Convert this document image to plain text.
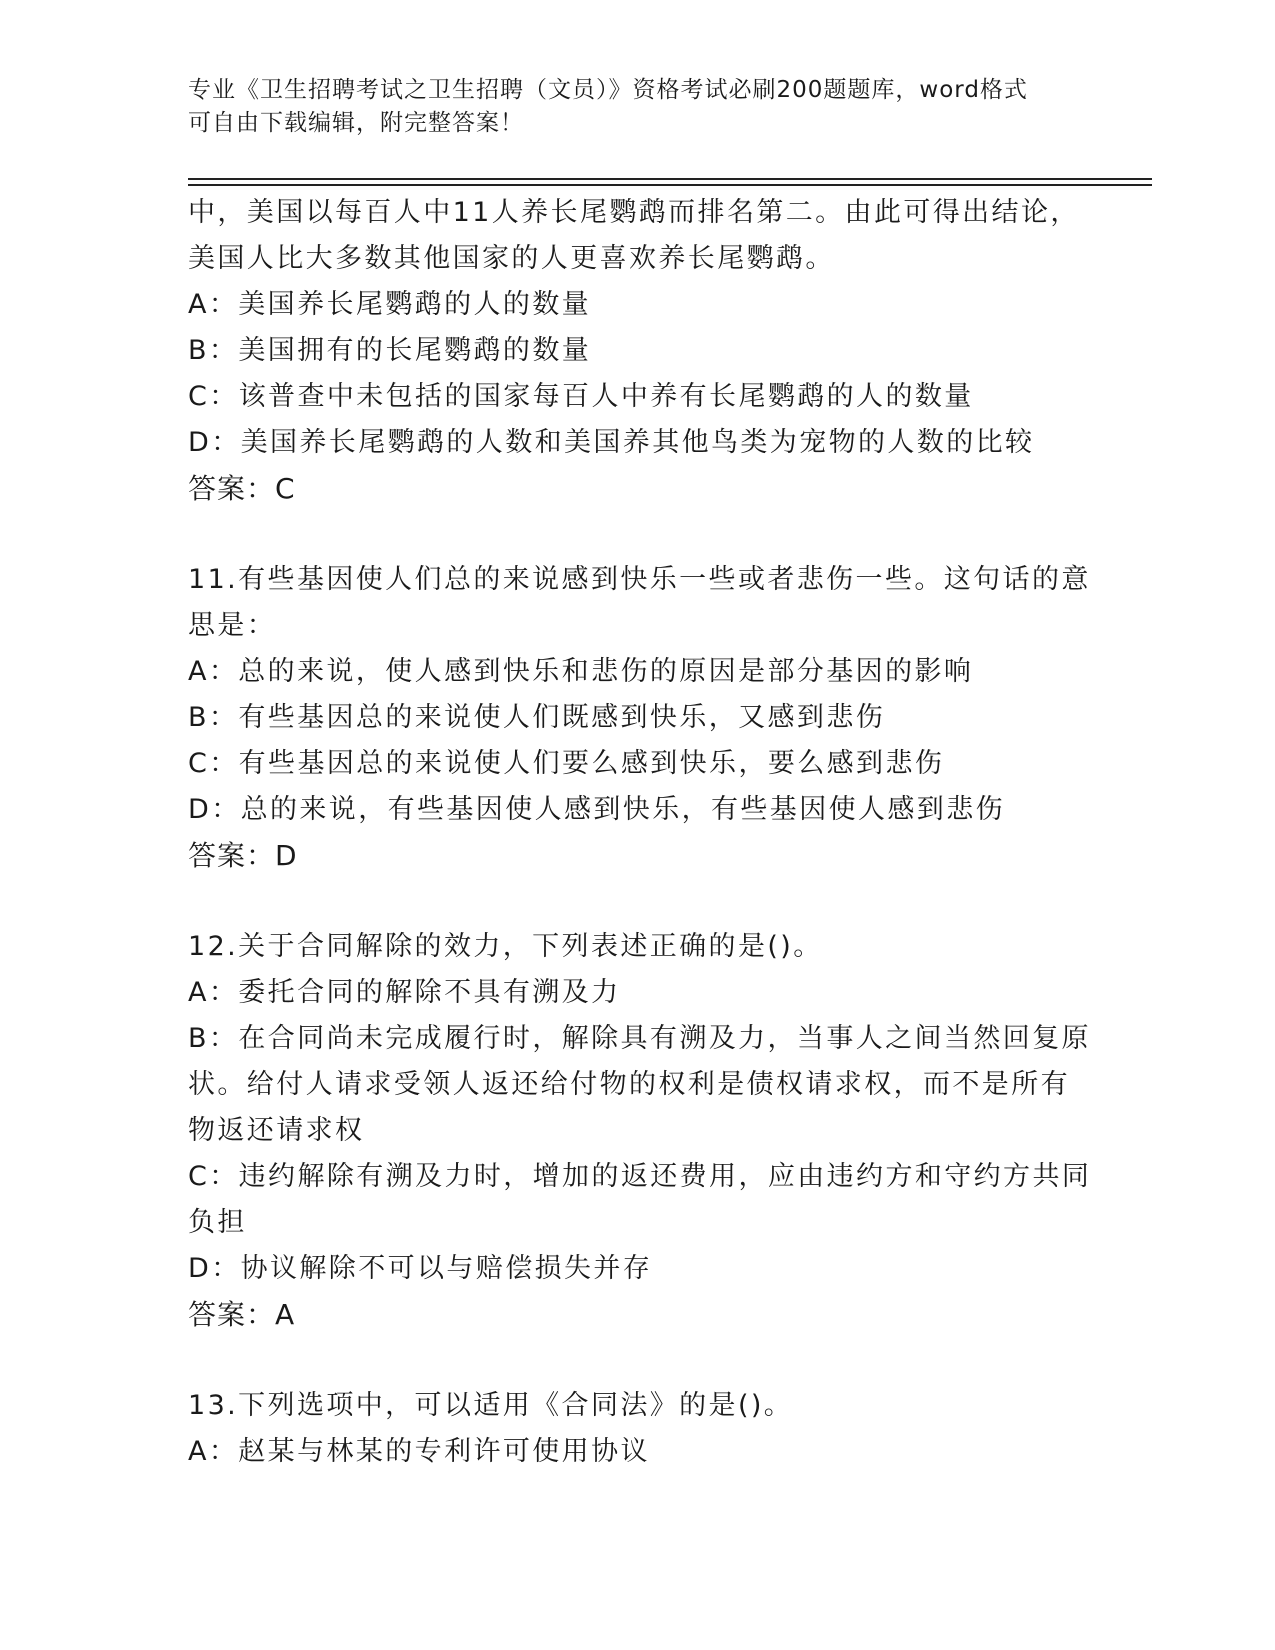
专业《卫生招聘考试之卫生招聘（文员）》资格考试必刷200题题库，word格式
可自由下载编辑，附完整答案！
中，美国以每百人中11人养长尾鹦鹉而排名第二。由此可得出结论，
美国人比大多数其他国家的人更喜欢养长尾鹦鹉。
A：美国养长尾鹦鹉的人的数量
B：美国拥有的长尾鹦鹉的数量
C：该普查中未包括的国家每百人中养有长尾鹦鹉的人的数量
D：美国养长尾鹦鹉的人数和美国养其他鸟类为宠物的人数的比较
答案：C
11.有些基因使人们总的来说感到快乐一些或者悲伤一些。这句话的意
思是：
A：总的来说，使人感到快乐和悲伤的原因是部分基因的影响
B：有些基因总的来说使人们既感到快乐，又感到悲伤
C：有些基因总的来说使人们要么感到快乐，要么感到悲伤
D：总的来说，有些基因使人感到快乐，有些基因使人感到悲伤
答案：D
12.关于合同解除的效力，下列表述正确的是()。
A：委托合同的解除不具有溯及力
B：在合同尚未完成履行时，解除具有溯及力，当事人之间当然回复原
状。给付人请求受领人返还给付物的权利是债权请求权，而不是所有
物返还请求权
C：违约解除有溯及力时，增加的返还费用，应由违约方和守约方共同
负担
D：协议解除不可以与赔偿损失并存
答案：A
13.下列选项中，可以适用《合同法》的是()。
A：赵某与林某的专利许可使用协议
